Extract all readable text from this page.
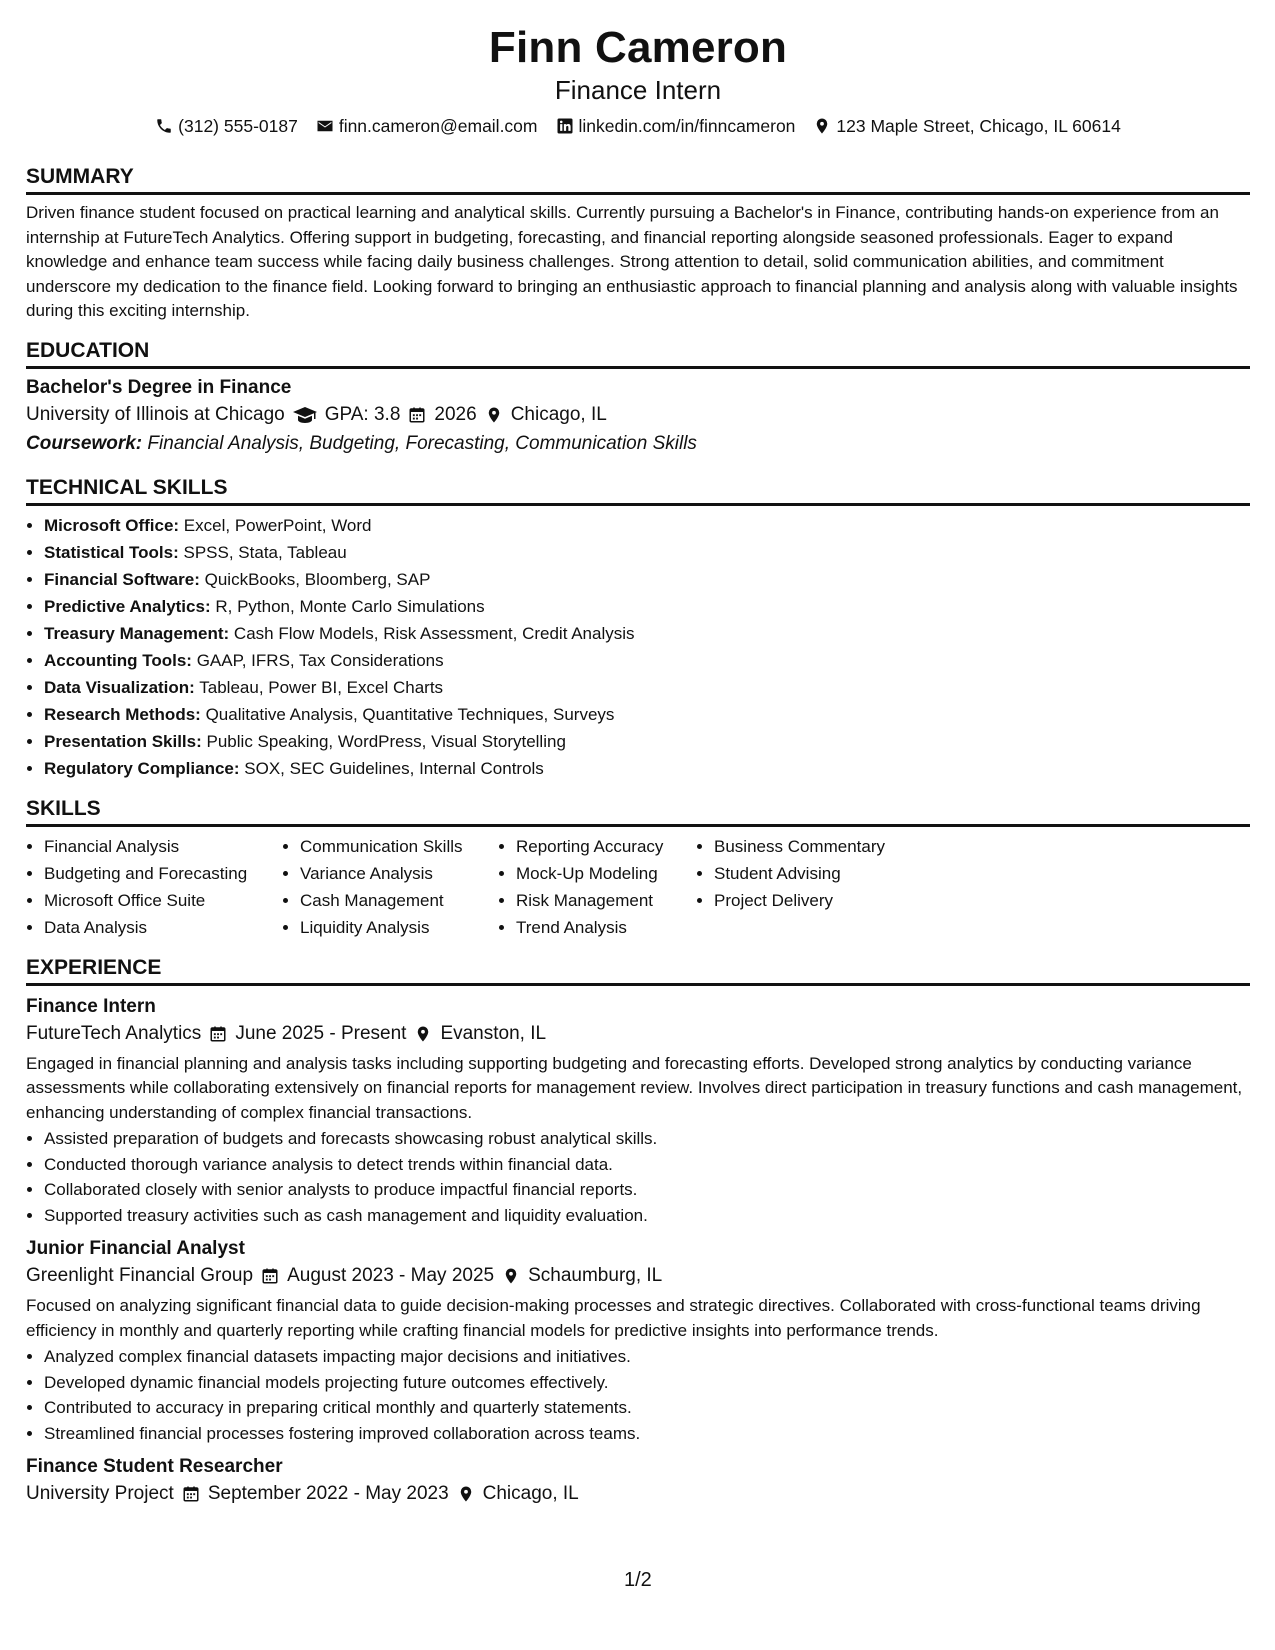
Finn Cameron
Finance Intern
(312) 555-0187 finn.cameron@email.com linkedin.com/in/finncameron 123 Maple Street, Chicago, IL 60614
SUMMARY

Driven finance student focused on practical learning and analytical skills. Currently pursuing a Bachelor's in Finance, contributing hands-on experience from an internship at FutureTech Analytics. Offering support in budgeting, forecasting, and financial reporting alongside seasoned professionals. Eager to expand knowledge and enhance team success while facing daily business challenges. Strong attention to detail, solid communication abilities, and commitment underscore my dedication to the finance field. Looking forward to bringing an enthusiastic approach to financial planning and analysis along with valuable insights during this exciting internship.

EDUCATION
Bachelor's Degree in Finance
University of Illinois at Chicago GPA: 3.8 2026 Chicago, IL
Coursework: Financial Analysis, Budgeting, Forecasting, Communication Skills
TECHNICAL SKILLS
• Microsoft Office: Excel, PowerPoint, Word
• Statistical Tools: SPSS, Stata, Tableau
• Financial Software: QuickBooks, Bloomberg, SAP
• Predictive Analytics: R, Python, Monte Carlo Simulations
• Treasury Management: Cash Flow Models, Risk Assessment, Credit Analysis
• Accounting Tools: GAAP, IFRS, Tax Considerations
• Data Visualization: Tableau, Power BI, Excel Charts
• Research Methods: Qualitative Analysis, Quantitative Techniques, Surveys
• Presentation Skills: Public Speaking, WordPress, Visual Storytelling
• Regulatory Compliance: SOX, SEC Guidelines, Internal Controls
SKILLS
• Financial Analysis
• Budgeting and Forecasting
• Microsoft Office Suite
• Data Analysis
• Communication Skills
• Variance Analysis
• Cash Management
• Liquidity Analysis
• Reporting Accuracy
• Mock-Up Modeling
• Risk Management
• Trend Analysis
• Business Commentary
• Student Advising
• Project Delivery
EXPERIENCE
Finance Intern
FutureTech Analytics June 2025 - Present Evanston, IL

Engaged in financial planning and analysis tasks including supporting budgeting and forecasting efforts. Developed strong analytics by conducting variance assessments while collaborating extensively on financial reports for management review. Involves direct participation in treasury functions and cash management, enhancing understanding of complex financial transactions.

• Assisted preparation of budgets and forecasts showcasing robust analytical skills.
• Conducted thorough variance analysis to detect trends within financial data.
• Collaborated closely with senior analysts to produce impactful financial reports.
• Supported treasury activities such as cash management and liquidity evaluation.
Junior Financial Analyst
Greenlight Financial Group August 2023 - May 2025 Schaumburg, IL

Focused on analyzing significant financial data to guide decision-making processes and strategic directives. Collaborated with cross-functional teams driving efficiency in monthly and quarterly reporting while crafting financial models for predictive insights into performance trends.

• Analyzed complex financial datasets impacting major decisions and initiatives.
• Developed dynamic financial models projecting future outcomes effectively.
• Contributed to accuracy in preparing critical monthly and quarterly statements.
• Streamlined financial processes fostering improved collaboration across teams.
Finance Student Researcher
University Project September 2022 - May 2023 Chicago, IL
1/2
